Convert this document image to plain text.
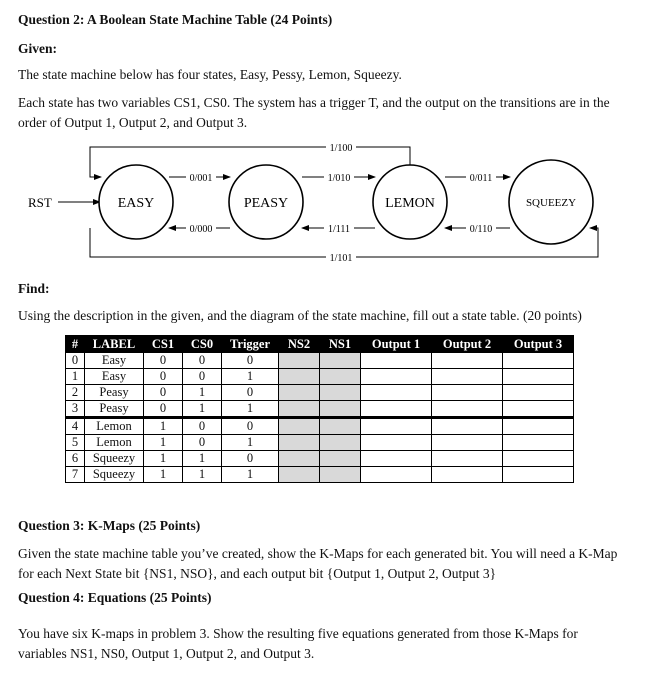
Question 2: A Boolean State Machine Table (24 Points)
Given:
The state machine below has four states, Easy, Pessy, Lemon, Squeezy.
Each state has two variables CS1, CS0. The system has a trigger T, and the output on the transitions are in the order of Output 1, Output 2, and Output 3.
1/100
0/001	1/010	0/011
0/000	1/111	0/110
1/101
RST	EASY	PEASY	LEMON	SQUEEZY
Find:
Using the description in the given, and the diagram of the state machine, fill out a state table. (20 points)
#	LABEL	CS1	CS0	Trigger	NS2	NS1	Output 1	Output 2	Output 3
0	Easy	0	0	0					
1	Easy	0	0	1					
2	Peasy	0	1	0					
3	Peasy	0	1	1					
4	Lemon	1	0	0					
5	Lemon	1	0	1					
6	Squeezy	1	1	0					
7	Squeezy	1	1	1					
Question 3: K-Maps (25 Points)
Given the state machine table you’ve created, show the K-Maps for each generated bit. You will need a K-Map for each Next State bit {NS1, NSO}, and each output bit {Output 1, Output 2, Output 3}
Question 4: Equations (25 Points)
You have six K-maps in problem 3. Show the resulting five equations generated from those K-Maps for variables NS1, NS0, Output 1, Output 2, and Output 3.
